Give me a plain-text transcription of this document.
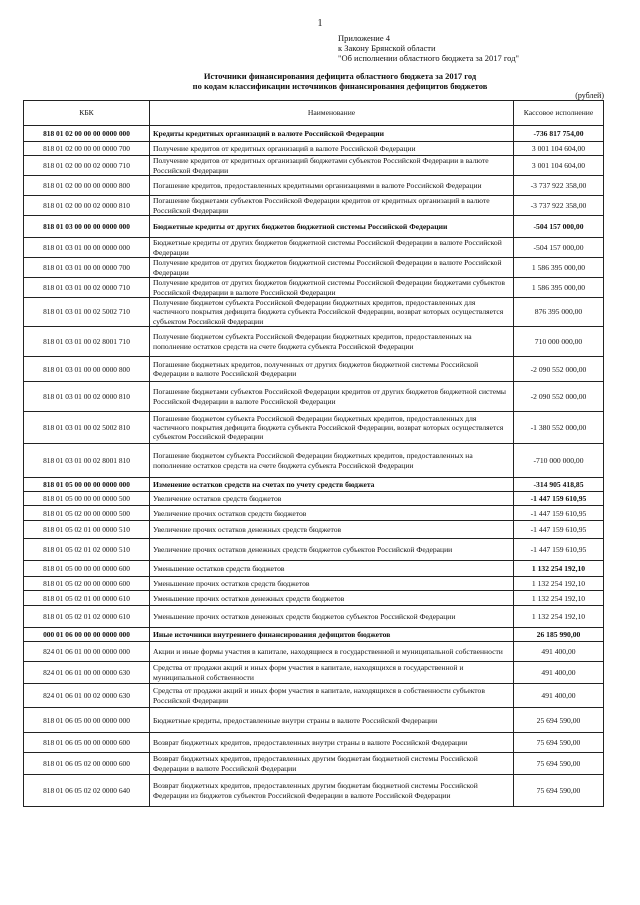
1
Приложение 4
к Закону Брянской области
"Об исполнении областного бюджета за 2017 год"
Источники финансирования дефицита областного бюджета за 2017 год
по кодам классификации источников финансирования дефицитов бюджетов
(рублей)
КБК	Наименование	Кассовое исполнение
818 01 02 00 00 00 0000 000	Кредиты кредитных организаций в валюте Российской Федерации	-736 817 754,00
818 01 02 00 00 00 0000 700	Получение кредитов от кредитных организаций в валюте Российской Федерации	3 001 104 604,00
818 01 02 00 00 02 0000 710	Получение кредитов от кредитных организаций бюджетами субъектов Российской Федерации в валюте Российской Федерации	3 001 104 604,00
818 01 02 00 00 00 0000 800	Погашение кредитов, предоставленных кредитными организациями в валюте Российской Федерации	-3 737 922 358,00
818 01 02 00 00 02 0000 810	Погашение бюджетами субъектов Российской Федерации кредитов от кредитных организаций в валюте Российской Федерации	-3 737 922 358,00
818 01 03 00 00 00 0000 000	Бюджетные кредиты от других бюджетов бюджетной системы Российской Федерации	-504 157 000,00
818 01 03 01 00 00 0000 000	Бюджетные кредиты от других бюджетов бюджетной системы Российской Федерации в валюте Российской Федерации	-504 157 000,00
818 01 03 01 00 00 0000 700	Получение кредитов от других бюджетов бюджетной системы Российской Федерации в валюте Российской Федерации	1 586 395 000,00
818 01 03 01 00 02 0000 710	Получение кредитов от других бюджетов бюджетной системы Российской Федерации бюджетами субъектов Российской Федерации в валюте Российской Федерации	1 586 395 000,00
818 01 03 01 00 02 5002 710	Получение бюджетом субъекта Российской Федерации бюджетных кредитов, предоставленных для частичного покрытия дефицита бюджета субъекта Российской Федерации, возврат которых осуществляется субъектом Российской Федерации	876 395 000,00
818 01 03 01 00 02 8001 710	Получение бюджетом субъекта Российской Федерации бюджетных кредитов, предоставленных на пополнение остатков средств на счете бюджета субъекта Российской Федерации	710 000 000,00
818 01 03 01 00 00 0000 800	Погашение бюджетных кредитов, полученных от других бюджетов бюджетной системы Российской Федерации в валюте Российской Федерации	-2 090 552 000,00
818 01 03 01 00 02 0000 810	Погашение бюджетами субъектов Российской Федерации кредитов от других бюджетов бюджетной системы Российской Федерации в валюте Российской Федерации	-2 090 552 000,00
818 01 03 01 00 02 5002 810	Погашение бюджетом субъекта Российской Федерации бюджетных кредитов, предоставленных для частичного покрытия дефицита бюджета субъекта Российской Федерации, возврат которых осуществляется субъектом Российской Федерации	-1 380 552 000,00
818 01 03 01 00 02 8001 810	Погашение бюджетом субъекта Российской Федерации бюджетных кредитов, предоставленных на пополнение остатков средств на счете бюджета субъекта Российской Федерации	-710 000 000,00
818 01 05 00 00 00 0000 000	Изменение остатков средств на счетах по учету средств бюджета	-314 905 418,85
818 01 05 00 00 00 0000 500	Увеличение остатков средств бюджетов	-1 447 159 610,95
818 01 05 02 00 00 0000 500	Увеличение прочих остатков средств бюджетов	-1 447 159 610,95
818 01 05 02 01 00 0000 510	Увеличение прочих остатков денежных средств бюджетов	-1 447 159 610,95
818 01 05 02 01 02 0000 510	Увеличение прочих остатков денежных средств бюджетов субъектов Российской Федерации	-1 447 159 610,95
818 01 05 00 00 00 0000 600	Уменьшение остатков средств бюджетов	1 132 254 192,10
818 01 05 02 00 00 0000 600	Уменьшение прочих остатков средств бюджетов	1 132 254 192,10
818 01 05 02 01 00 0000 610	Уменьшение прочих остатков денежных средств бюджетов	1 132 254 192,10
818 01 05 02 01 02 0000 610	Уменьшение прочих остатков денежных средств бюджетов субъектов Российской Федерации	1 132 254 192,10
000 01 06 00 00 00 0000 000	Иные источники внутреннего финансирования дефицитов бюджетов	26 185 990,00
824 01 06 01 00 00 0000 000	Акции и иные формы участия в капитале, находящиеся в государственной и муниципальной собственности	491 400,00
824 01 06 01 00 00 0000 630	Средства от продажи акций и иных форм участия в капитале, находящихся в государственной и муниципальной собственности	491 400,00
824 01 06 01 00 02 0000 630	Средства от продажи акций и иных форм участия в капитале, находящихся в собственности субъектов Российской Федерации	491 400,00
818 01 06 05 00 00 0000 000	Бюджетные кредиты, предоставленные внутри страны в валюте Российской Федерации	25 694 590,00
818 01 06 05 00 00 0000 600	Возврат бюджетных кредитов, предоставленных внутри страны в валюте Российской Федерации	75 694 590,00
818 01 06 05 02 00 0000 600	Возврат бюджетных кредитов, предоставленных другим бюджетам бюджетной системы Российской Федерации в валюте Российской Федерации	75 694 590,00
818 01 06 05 02 02 0000 640	Возврат бюджетных кредитов, предоставленных другим бюджетам бюджетной системы Российской Федерации из бюджетов субъектов Российской Федерации в валюте Российской Федерации	75 694 590,00
